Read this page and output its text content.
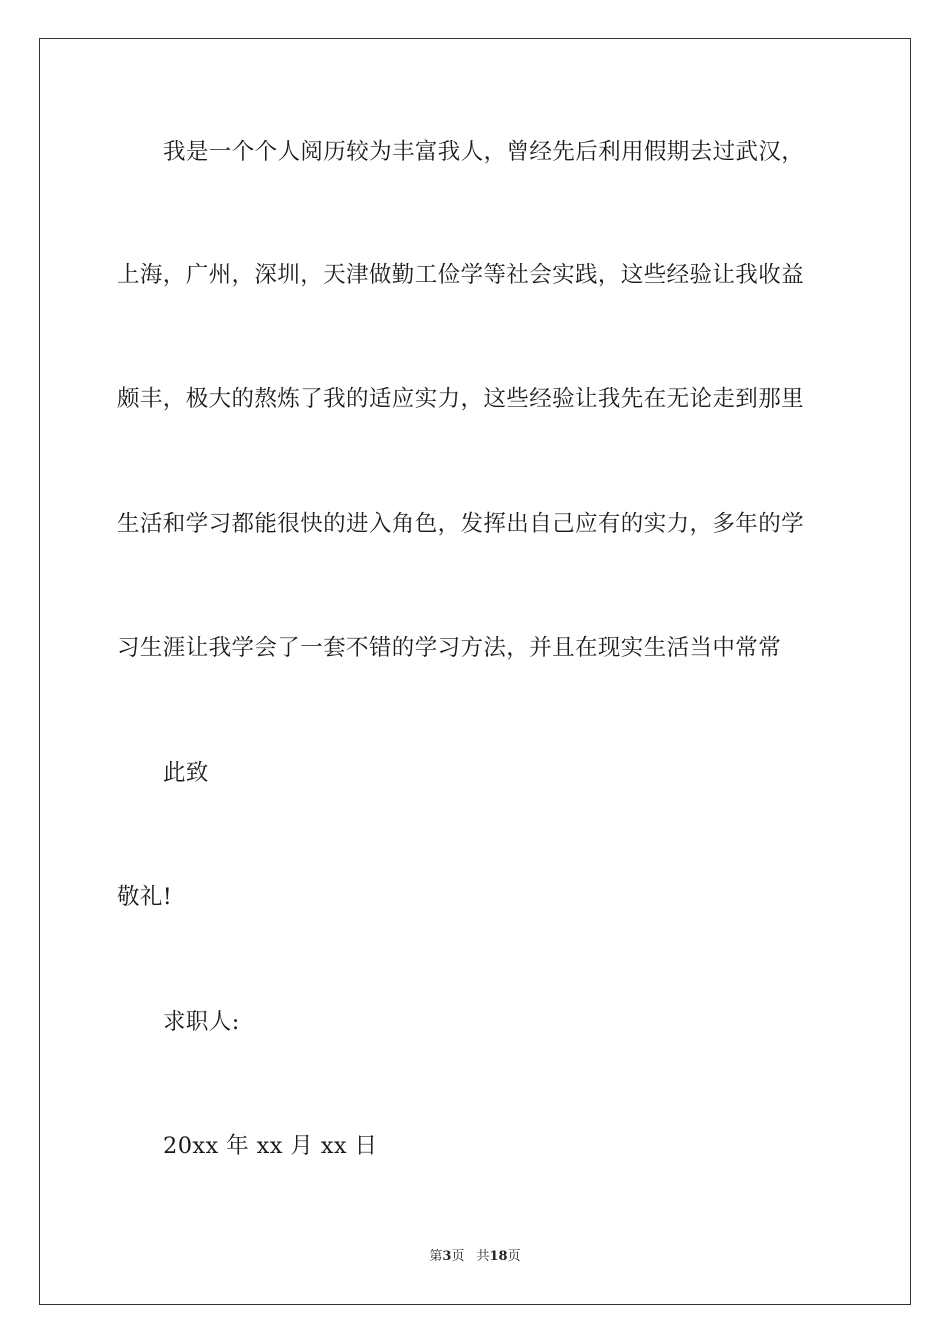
我是一个个人阅历较为丰富我人，曾经先后利用假期去过武汉，
上海，广州，深圳，天津做勤工俭学等社会实践，这些经验让我收益
颇丰，极大的熬炼了我的适应实力，这些经验让我先在无论走到那里
生活和学习都能很快的进入角色，发挥出自己应有的实力，多年的学
习生涯让我学会了一套不错的学习方法，并且在现实生活当中常常
此致
敬礼!
求职人:
20xx 年 xx 月 xx 日
第3页 共18页
